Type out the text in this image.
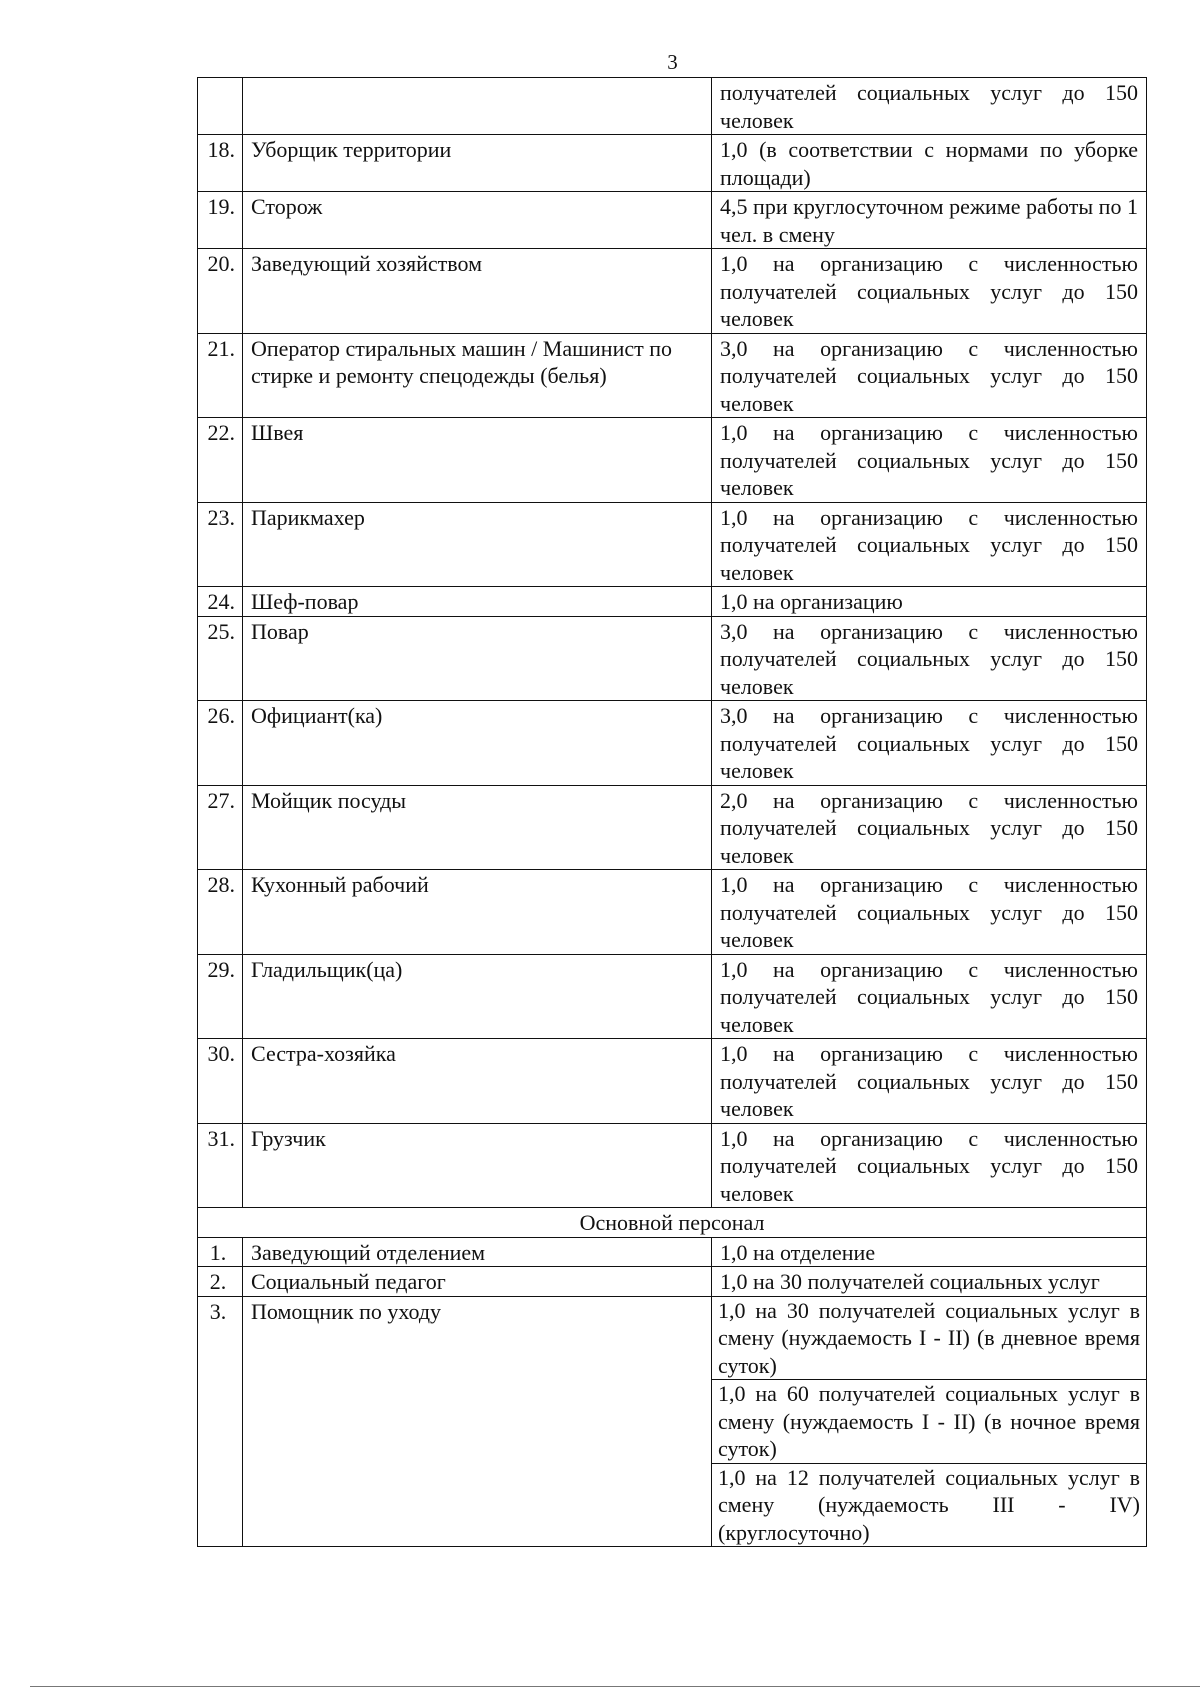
3
		получателей социальных услуг до 150 человек
18.	Уборщик территории	1,0 (в соответствии с нормами по уборке площади)
19.	Сторож	4,5 при круглосуточном режиме работы по 1 чел. в смену
20.	Заведующий хозяйством	1,0 на организацию с численностью получателей социальных услуг до 150 человек
21.	Оператор стиральных машин / Машинист по стирке и ремонту спецодежды (белья)	3,0 на организацию с численностью получателей социальных услуг до 150 человек
22.	Швея	1,0 на организацию с численностью получателей социальных услуг до 150 человек
23.	Парикмахер	1,0 на организацию с численностью получателей социальных услуг до 150 человек
24.	Шеф-повар	1,0 на организацию
25.	Повар	3,0 на организацию с численностью получателей социальных услуг до 150 человек
26.	Официант(ка)	3,0 на организацию с численностью получателей социальных услуг до 150 человек
27.	Мойщик посуды	2,0 на организацию с численностью получателей социальных услуг до 150 человек
28.	Кухонный рабочий	1,0 на организацию с численностью получателей социальных услуг до 150 человек
29.	Гладильщик(ца)	1,0 на организацию с численностью получателей социальных услуг до 150 человек
30.	Сестра-хозяйка	1,0 на организацию с численностью получателей социальных услуг до 150 человек
31.	Грузчик	1,0 на организацию с численностью получателей социальных услуг до 150 человек
Основной персонал		
1.	Заведующий отделением	1,0 на отделение
2.	Социальный педагог	1,0 на 30 получателей социальных услуг
3.	Помощник по уходу	1,0 на 30 получателей социальных услуг в смену (нуждаемость I - II) (в дневное время суток)
1,0 на 60 получателей социальных услуг в смену (нуждаемость I - II) (в ночное время суток)
1,0 на 12 получателей социальных услуг в смену (нуждаемость III - IV) (круглосуточно)
